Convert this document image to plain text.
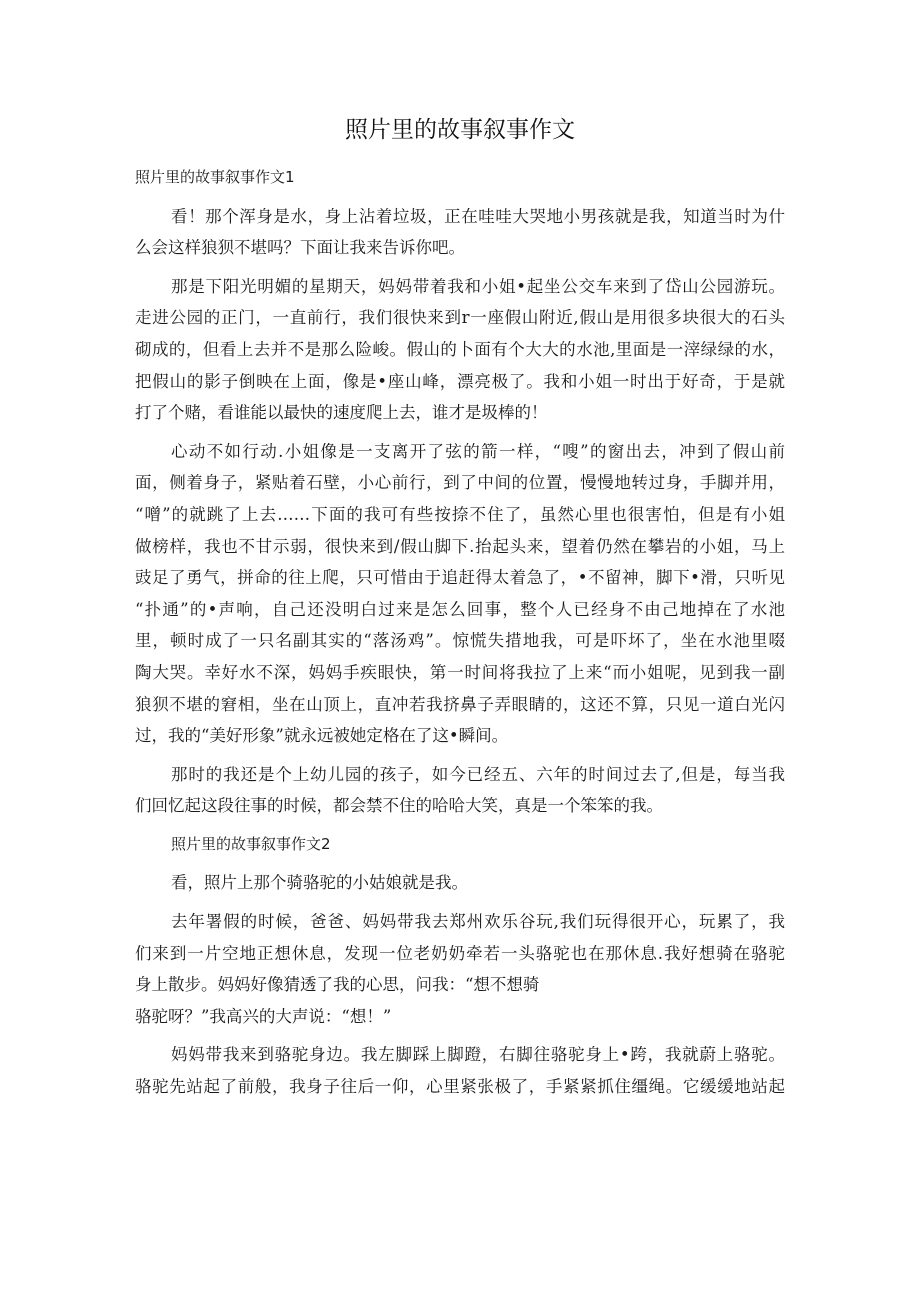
照片里的故事叙事作文

照片里的故事叙事作文1

看！那个浑身是水，身上沾着垃圾，正在哇哇大哭地小男孩就是我，知道当时为什

么会这样狼狈不堪吗？下面让我来告诉你吧。

那是下阳光明媚的星期天，妈妈带着我和小姐•起坐公交车来到了岱山公园游玩。

走进公园的正门，一直前行，我们很快来到r一座假山附近,假山是用很多块很大的石头

砌成的，但看上去并不是那么险峻。假山的卜面有个大大的水池,里面是一滓绿绿的水，

把假山的影子倒映在上面，像是•座山峰，漂亮极了。我和小姐一时出于好奇，于是就

打了个赌，看谁能以最快的速度爬上去，谁才是圾棒的！

心动不如行动.小姐像是一支离开了弦的箭一样，“嗖”的窗出去，冲到了假山前

面，侧着身子，紧贴着石壁，小心前行，到了中间的位置，慢慢地转过身，手脚并用，

“噌”的就跳了上去……下面的我可有些按捺不住了，虽然心里也很害怕，但是有小姐

做榜样，我也不甘示弱，很快来到/假山脚下.抬起头来，望着仍然在攀岩的小姐，马上

豉足了勇气，拼命的往上爬，只可惜由于追赶得太着急了，•不留神，脚下•滑，只听见

“扑通”的•声响，自己还没明白过来是怎么回事，整个人已经身不由己地掉在了水池

里，顿时成了一只名副其实的“落汤鸡”。惊慌失措地我，可是吓坏了，坐在水池里啜

陶大哭。幸好水不深，妈妈手疾眼快，第一时间将我拉了上来“而小姐呢，见到我一副

狼狈不堪的窘相，坐在山顶上，直冲若我挤鼻子弄眼睛的，这还不算，只见一道白光闪

过，我的“美好形象”就永远被她定格在了这•瞬间。

那时的我还是个上幼儿园的孩子，如今已经五、六年的时间过去了,但是，每当我

们回忆起这段往事的时候，都会禁不住的哈哈大笑，真是一个笨笨的我。

照片里的故事叙事作文2

看，照片上那个骑骆驼的小姑娘就是我。

去年署假的时候，爸爸、妈妈带我去郑州欢乐谷玩,我们玩得很开心，玩累了，我

们来到一片空地正想休息，发现一位老奶奶牵若一头骆驼也在那休息.我好想骑在骆驼

身上散步。妈妈好像猜透了我的心思，问我：“想不想骑

骆驼呀？”我高兴的大声说：“想！”

妈妈带我来到骆驼身边。我左脚踩上脚蹬，右脚往骆驼身上•跨，我就蔚上骆驼。

骆驼先站起了前般，我身子往后一仰，心里紧张极了，手紧紧抓住缰绳。它缓缓地站起
